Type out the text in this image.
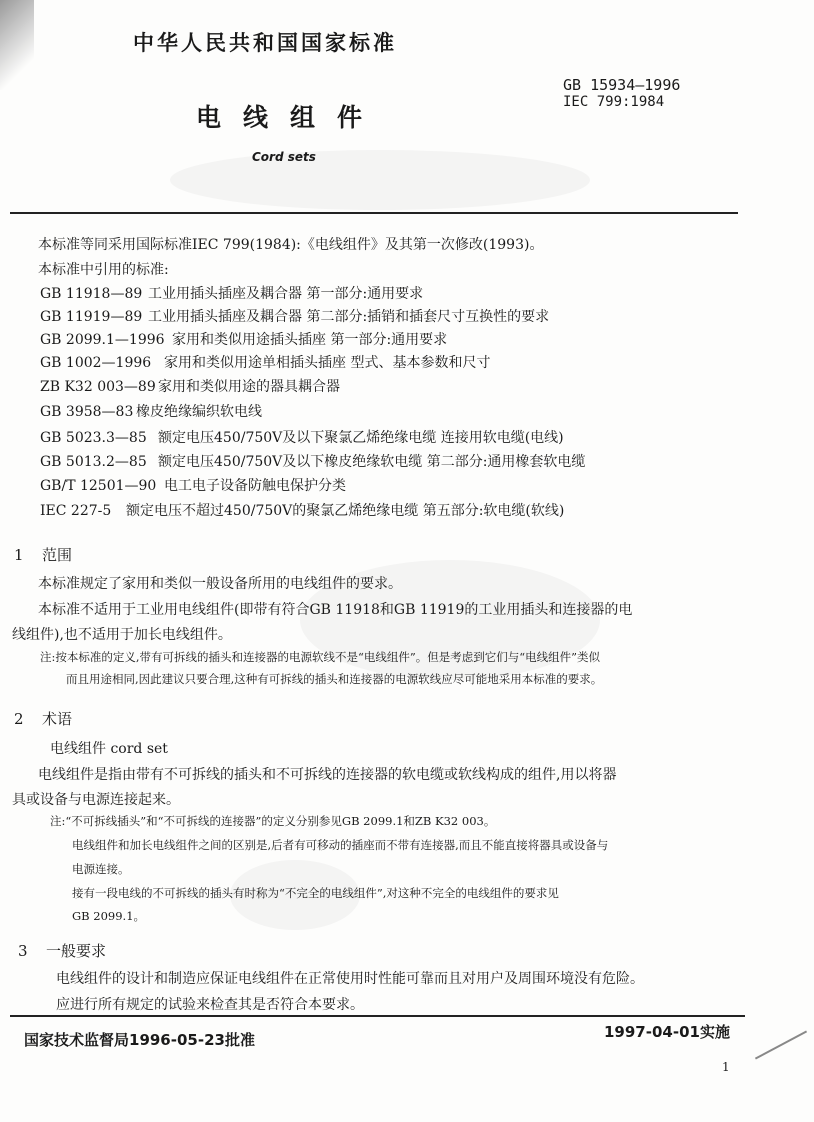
中华人民共和国国家标准
GB 15934—1996
IEC 799:1984
电线组件
Cord sets
本标准等同采用国际标准IEC 799(1984):《电线组件》及其第一次修改(1993)。
本标准中引用的标准:
GB 11918—89 工业用插头插座及耦合器 第一部分:通用要求
GB 11919—89 工业用插头插座及耦合器 第二部分:插销和插套尺寸互换性的要求
GB 2099.1—1996 家用和类似用途插头插座 第一部分:通用要求
GB 1002—1996 家用和类似用途单相插头插座 型式、基本参数和尺寸
ZB K32 003—89 家用和类似用途的器具耦合器
GB 3958—83 橡皮绝缘编织软电线
GB 5023.3—85 额定电压450/750V及以下聚氯乙烯绝缘电缆 连接用软电缆(电线)
GB 5013.2—85 额定电压450/750V及以下橡皮绝缘软电缆 第二部分:通用橡套软电缆
GB/T 12501—90 电工电子设备防触电保护分类
IEC 227-5 额定电压不超过450/750V的聚氯乙烯绝缘电缆 第五部分:软电缆(软线)
1 范围
本标准规定了家用和类似一般设备所用的电线组件的要求。
本标准不适用于工业用电线组件(即带有符合GB 11918和GB 11919的工业用插头和连接器的电
线组件),也不适用于加长电线组件。
注:按本标准的定义,带有可拆线的插头和连接器的电源软线不是“电线组件”。但是考虑到它们与“电线组件”类似
而且用途相同,因此建议只要合理,这种有可拆线的插头和连接器的电源软线应尽可能地采用本标准的要求。
2 术语
电线组件 cord set
电线组件是指由带有不可拆线的插头和不可拆线的连接器的软电缆或软线构成的组件,用以将器
具或设备与电源连接起来。
注:“不可拆线插头”和“不可拆线的连接器”的定义分别参见GB 2099.1和ZB K32 003。
电线组件和加长电线组件之间的区别是,后者有可移动的插座而不带有连接器,而且不能直接将器具或设备与
电源连接。
接有一段电线的不可拆线的插头有时称为“不完全的电线组件”,对这种不完全的电线组件的要求见
GB 2099.1。
3 一般要求
电线组件的设计和制造应保证电线组件在正常使用时性能可靠而且对用户及周围环境没有危险。
应进行所有规定的试验来检查其是否符合本要求。
国家技术监督局1996-05-23批准	1997-04-01实施
1
